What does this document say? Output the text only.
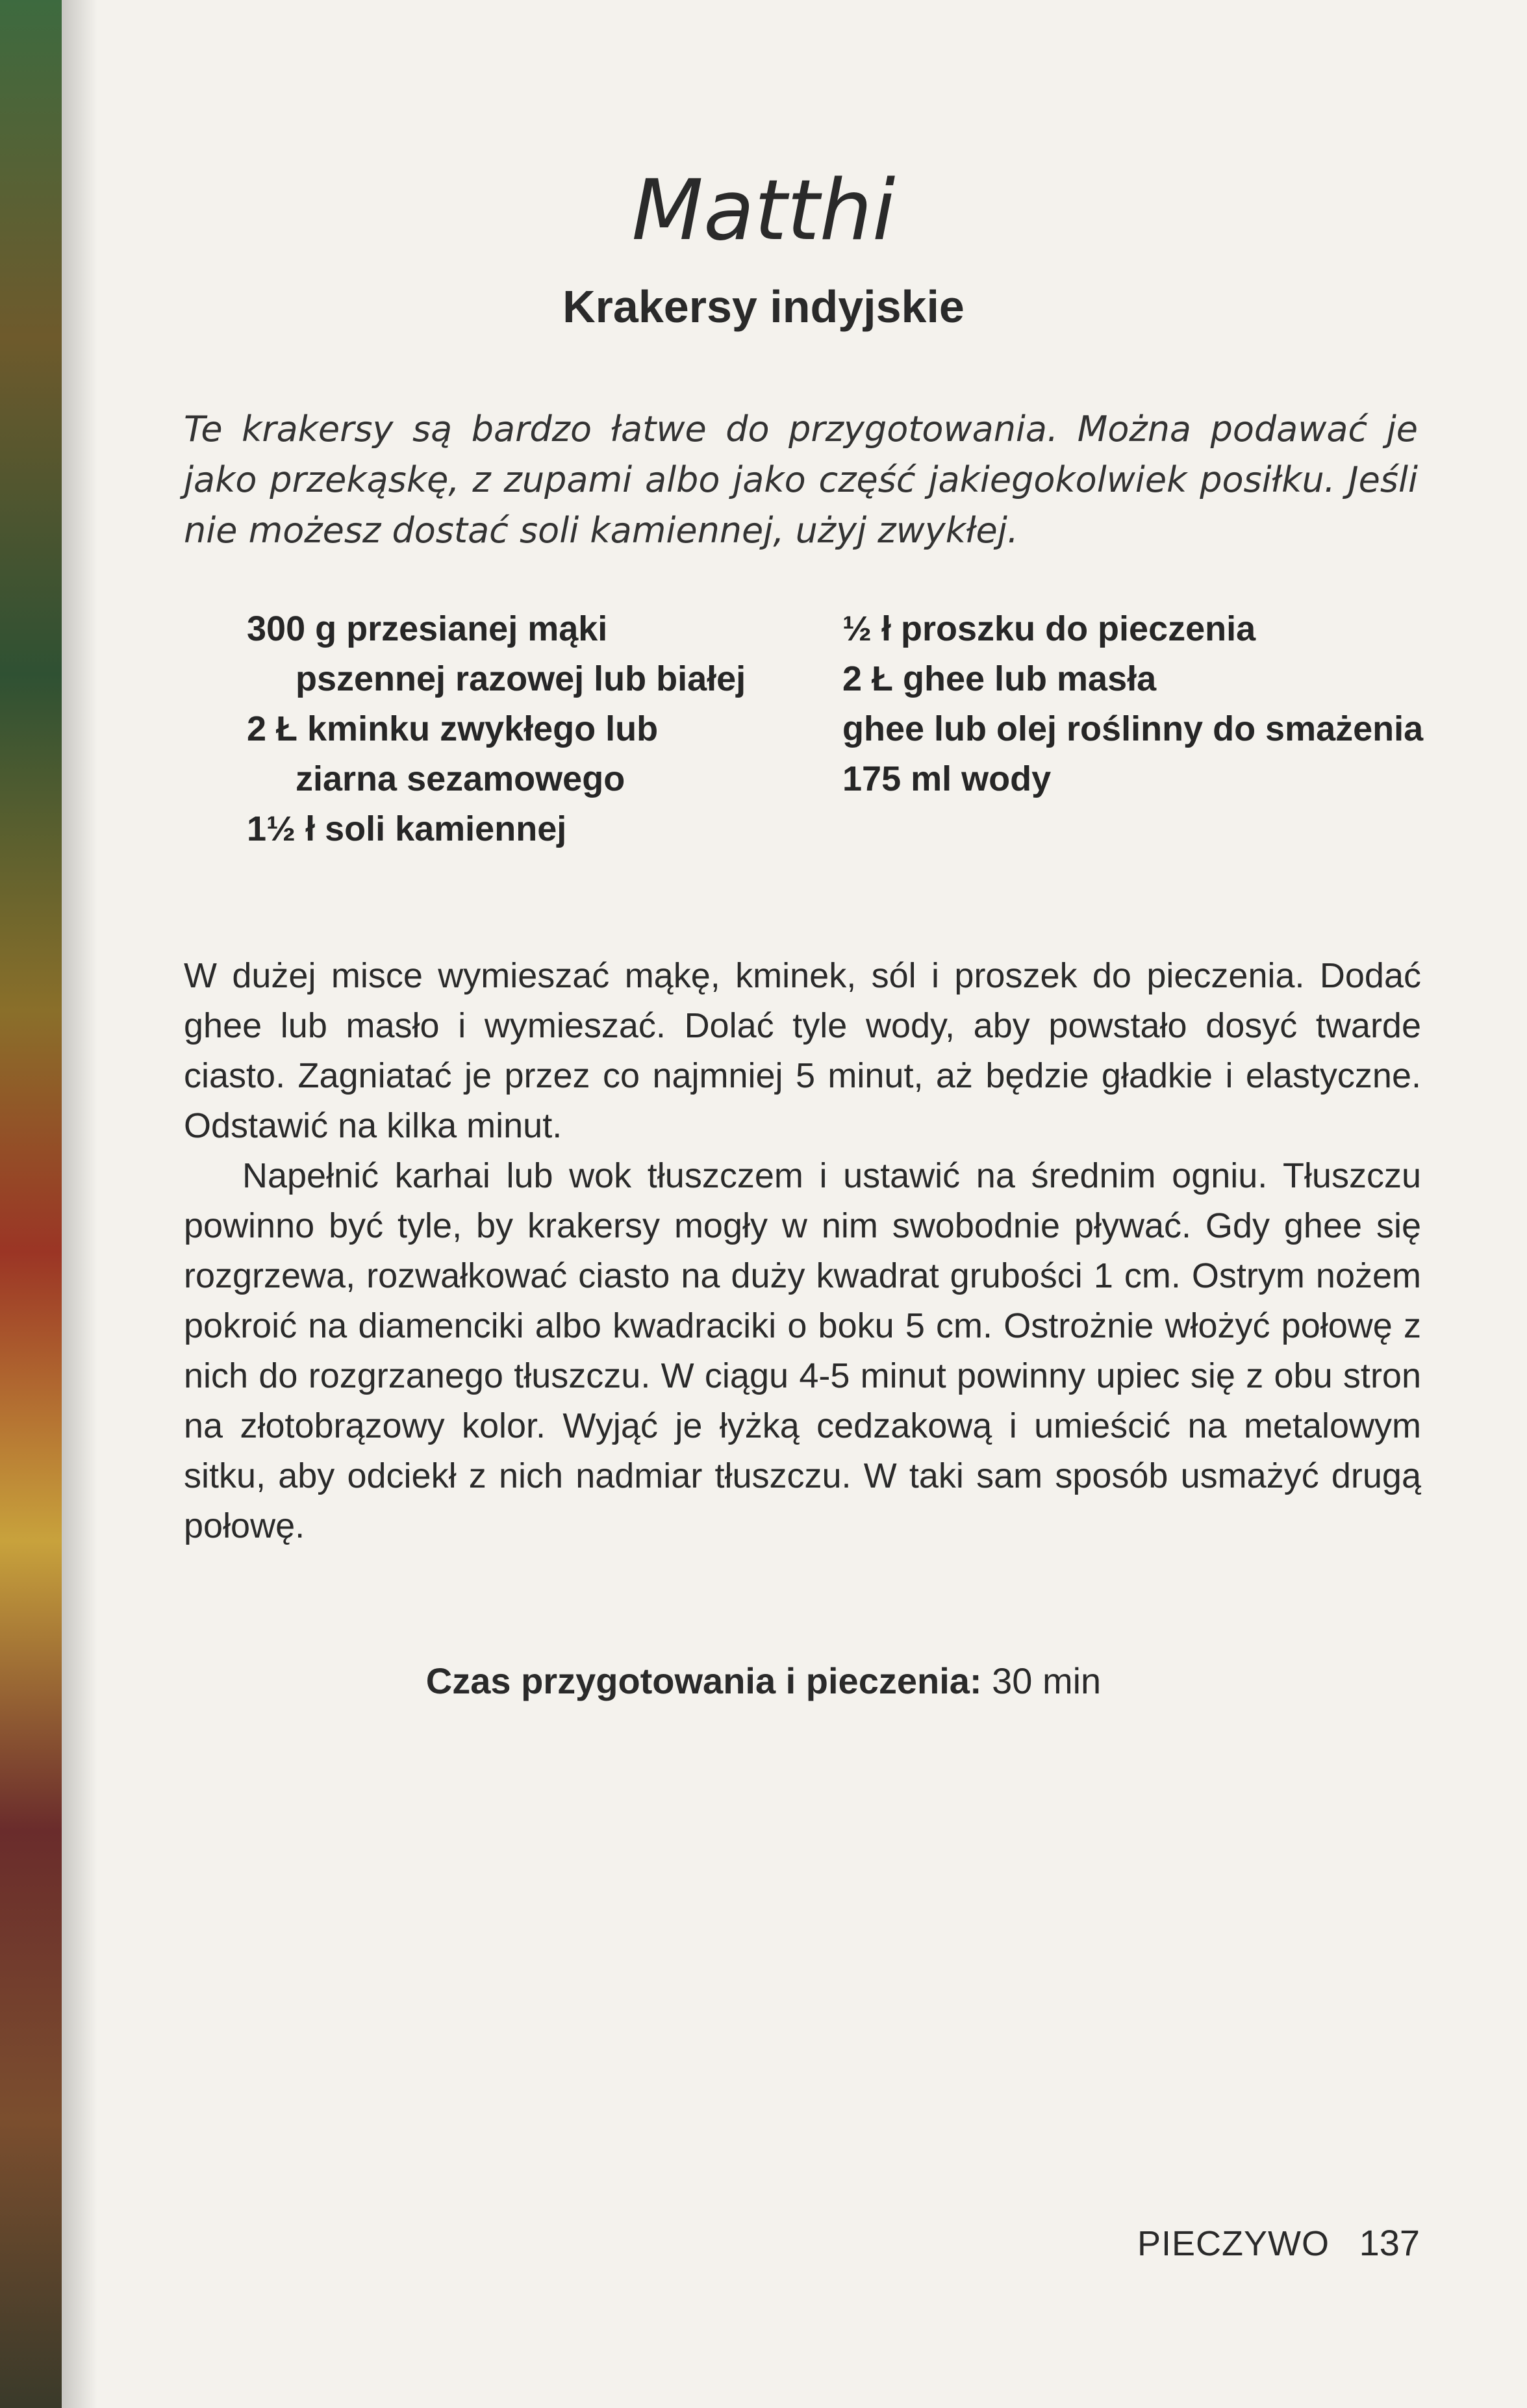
Matthi
Krakersy indyjskie

Te krakersy są bardzo łatwe do przygotowania. Można podawać je jako przekąskę, z zupami albo jako część jakiegokolwiek posiłku. Jeśli nie możesz dostać soli kamiennej, użyj zwykłej.

300 g przesianej mąki pszennej razowej lub białej
2 Ł kminku zwykłego lub ziarna sezamowego
1½ ł soli kamiennej
½ ł proszku do pieczenia
2 Ł ghee lub masła
ghee lub olej roślinny do smażenia
175 ml wody

W dużej misce wymieszać mąkę, kminek, sól i proszek do pieczenia. Dodać ghee lub masło i wymieszać. Dolać tyle wody, aby powstało dosyć twarde ciasto. Zagniatać je przez co najmniej 5 minut, aż będzie gładkie i elastyczne. Odstawić na kilka minut.

Napełnić karhai lub wok tłuszczem i ustawić na średnim ogniu. Tłuszczu powinno być tyle, by krakersy mogły w nim swobodnie pływać. Gdy ghee się rozgrzewa, rozwałkować ciasto na duży kwadrat grubości 1 cm. Ostrym nożem pokroić na diamenciki albo kwadraciki o boku 5 cm. Ostrożnie włożyć połowę z nich do rozgrzanego tłuszczu. W ciągu 4-5 minut powinny upiec się z obu stron na złotobrązowy kolor. Wyjąć je łyżką cedzakową i umieścić na metalowym sitku, aby odciekł z nich nadmiar tłuszczu. W taki sam sposób usmażyć drugą połowę.

Czas przygotowania i pieczenia: 30 min
PIECZYWO 137
